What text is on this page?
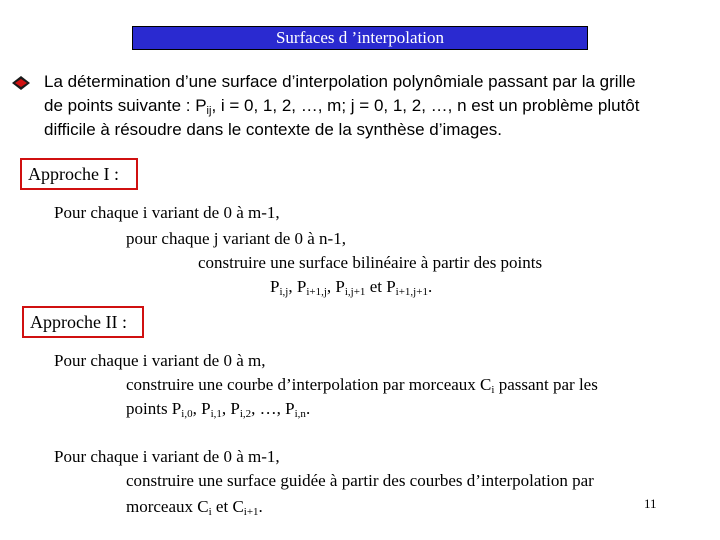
Surfaces d ’interpolation
La détermination d’une surface d’interpolation polynômiale passant par la grille
de points suivante : $P_{ij}$, i = 0, 1, 2, …, m; j = 0, 1, 2, …, n est un problème plutôt
difficile à résoudre dans le contexte de la synthèse d’images.
Approche I :
Pour chaque i variant de 0 à m-1,
pour chaque j variant de 0 à n-1,
construire une surface bilinéaire à partir des points
$P_{i,j}$, $P_{i+1,j}$, $P_{i,j+1}$ et $P_{i+1,j+1}$.
Approche II :
Pour chaque i variant de 0 à m,
construire une courbe d’interpolation par morceaux $C_i$ passant par les
points $P_{i,0}$, $P_{i,1}$, $P_{i,2}$, …, $P_{i,n}$.
Pour chaque i variant de 0 à m-1,
construire une surface guidée à partir des courbes d’interpolation par
morceaux $C_i$ et $C_{i+1}$.	11
